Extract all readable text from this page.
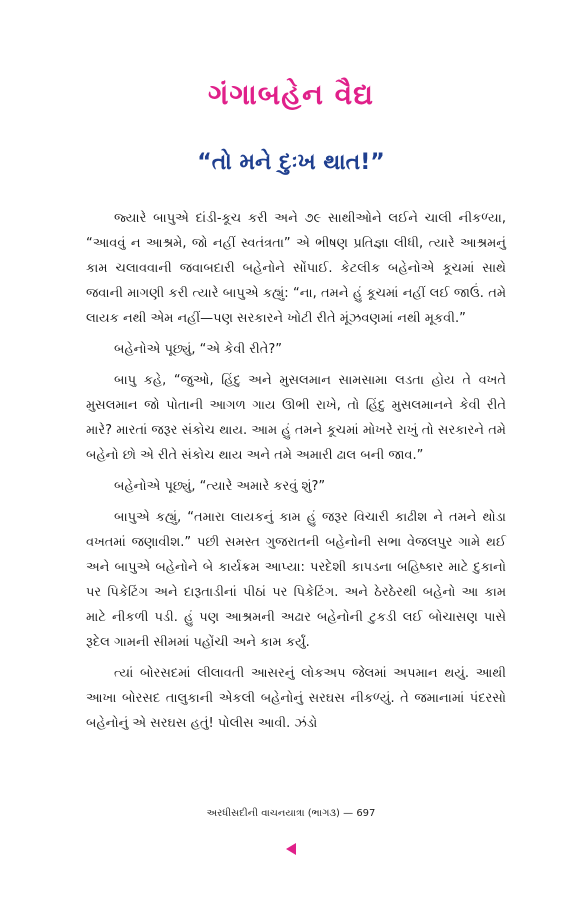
ગંગાબહેન વૈદ્ય
“તો મને દુઃખ થાત!”

જ્યારે બાપુએ દાંડી-કૂચ કરી અને ૭૯ સાથીઓને લઈને ચાલી નીકળ્યા, “આવવું ન આશ્રમે, જો નહીં સ્વતંત્રતા” એ ભીષણ પ્રતિજ્ઞા લીધી, ત્યારે આશ્રમનું કામ ચલાવવાની જવાબદારી બહેનોને સોંપાઈ. કેટલીક બહેનોએ કૂચમાં સાથે જવાની માગણી કરી ત્યારે બાપુએ કહ્યું: “ના, તમને હું કૂચમાં નહીં લઈ જાઉં. તમે લાયક નથી એમ નહીં—પણ સરકારને ખોટી રીતે મૂંઝવણમાં નથી મૂકવી.”

બહેનોએ પૂછ્યું, “એ કેવી રીતે?”

બાપુ કહે, “જુઓ, હિંદુ અને મુસલમાન સામસામા લડતા હોય તે વખતે મુસલમાન જો પોતાની આગળ ગાય ઊભી રાખે, તો હિંદુ મુસલમાનને કેવી રીતે મારે? મારતાં જરૂર સંકોચ થાય. આમ હું તમને કૂચમાં મોખરે રાખું તો સરકારને તમે બહેનો છો એ રીતે સંકોચ થાય અને તમે અમારી ઢાલ બની જાવ.”

બહેનોએ પૂછ્યું, “ત્યારે અમારે કરવું શું?”

બાપુએ કહ્યું, “તમારા લાયકનું કામ હું જરૂર વિચારી કાઢીશ ને તમને થોડા વખતમાં જણાવીશ.” પછી સમસ્ત ગુજરાતની બહેનોની સભા વેજલપુર ગામે થઈ અને બાપુએ બહેનોને બે કાર્યક્રમ આપ્યા: પરદેશી કાપડના બહિષ્કાર માટે દુકાનો પર પિકેટિંગ અને દારૂતાડીનાં પીઠાં પર પિકેટિંગ. અને ઠેરઠેરથી બહેનો આ કામ માટે નીકળી પડી. હું પણ આશ્રમની અઢાર બહેનોની ટુકડી લઈ બોચાસણ પાસે રૂદેલ ગામની સીમમાં પહોંચી અને કામ કર્યું.

ત્યાં બોરસદમાં લીલાવતી આસરનું લોકઅપ જેલમાં અપમાન થયું. આથી આખા બોરસદ તાલુકાની એકલી બહેનોનું સરઘસ નીકળ્યું. તે જમાનામાં પંદરસો બહેનોનું એ સરઘસ હતું! પોલીસ આવી. ઝંડો

અરધીસદીની વાચનયાત્રા (ભાગ૩) — 697
